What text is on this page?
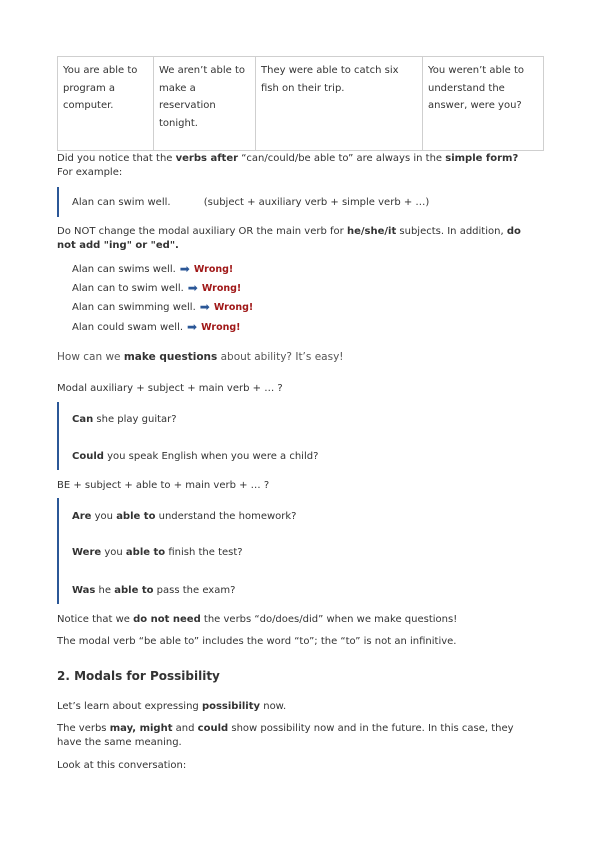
You are able to program a computer.	We aren’t able to make a reservation tonight.	They were able to catch six fish on their trip.	You weren’t able to understand the answer, were you?
Did you notice that the verbs after “can/could/be able to” are always in the simple form? For example:
Alan can swim well.	(subject + auxiliary verb + simple verb + …)
Do NOT change the modal auxiliary OR the main verb for he/she/it subjects. In addition, do not add "ing" or "ed".
Alan can swims well. ➡ Wrong!
Alan can to swim well. ➡ Wrong!
Alan can swimming well. ➡ Wrong!
Alan could swam well. ➡ Wrong!
How can we make questions about ability? It’s easy!
Modal auxiliary + subject + main verb + … ?
Can she play guitar?
Could you speak English when you were a child?
BE + subject + able to + main verb + … ?
Are you able to understand the homework?
Were you able to finish the test?
Was he able to pass the exam?
Notice that we do not need the verbs “do/does/did” when we make questions!
The modal verb “be able to” includes the word “to”; the “to” is not an infinitive.
2. Modals for Possibility
Let’s learn about expressing possibility now.
The verbs may, might and could show possibility now and in the future. In this case, they have the same meaning.
Look at this conversation:
